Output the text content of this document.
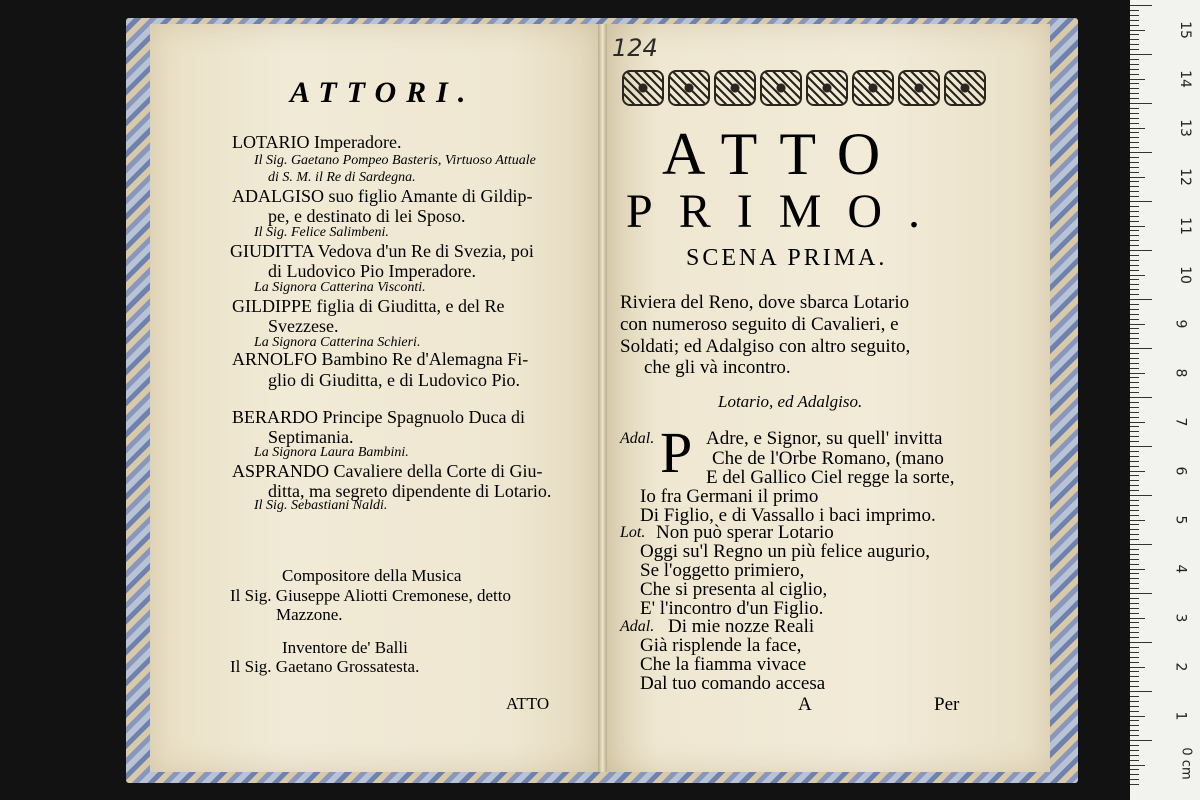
ATTORI.
LOTARIO Imperadore.
Il Sig. Gaetano Pompeo Basteris, Virtuoso Attuale
di S. M. il Re di Sardegna.
ADALGISO suo figlio Amante di Gildip-
pe, e destinato di lei Sposo.
Il Sig. Felice Salimbeni.
GIUDITTA Vedova d'un Re di Svezia, poi
di Ludovico Pio Imperadore.
La Signora Catterina Visconti.
GILDIPPE figlia di Giuditta, e del Re
Svezzese.
La Signora Catterina Schieri.
ARNOLFO Bambino Re d'Alemagna Fi-
glio di Giuditta, e di Ludovico Pio.
BERARDO Principe Spagnuolo Duca di
Septimania.
La Signora Laura Bambini.
ASPRANDO Cavaliere della Corte di Giu-
ditta, ma segreto dipendente di Lotario.
Il Sig. Sebastiani Naldi.
Compositore della Musica
Il Sig. Giuseppe Aliotti Cremonese, detto
Mazzone.
Inventore de' Balli
Il Sig. Gaetano Grossatesta.
ATTO
124
ATTO
PRIMO.
SCENA PRIMA.
Riviera del Reno, dove sbarca Lotario
con numeroso seguito di Cavalieri, e
Soldati; ed Adalgiso con altro seguito,
che gli và incontro.
Lotario, ed Adalgiso.
P
Adal.	Adre, e Signor, su quell' invitta
Che de l'Orbe Romano, (mano
E del Gallico Ciel regge la sorte,
Io fra Germani il primo
Di Figlio, e di Vassallo i baci imprimo.
Lot. Non può sperar Lotario
Oggi su'l Regno un più felice augurio,
Se l'oggetto primiero,
Che si presenta al ciglio,
E' l'incontro d'un Figlio.
Adal. Di mie nozze Reali
Già risplende la face,
Che la fiamma vivace
Dal tuo comando accesa
A	Per
15
14
13
12
11
10
9
8
7
6
5
4
3
2
1
0 cm
